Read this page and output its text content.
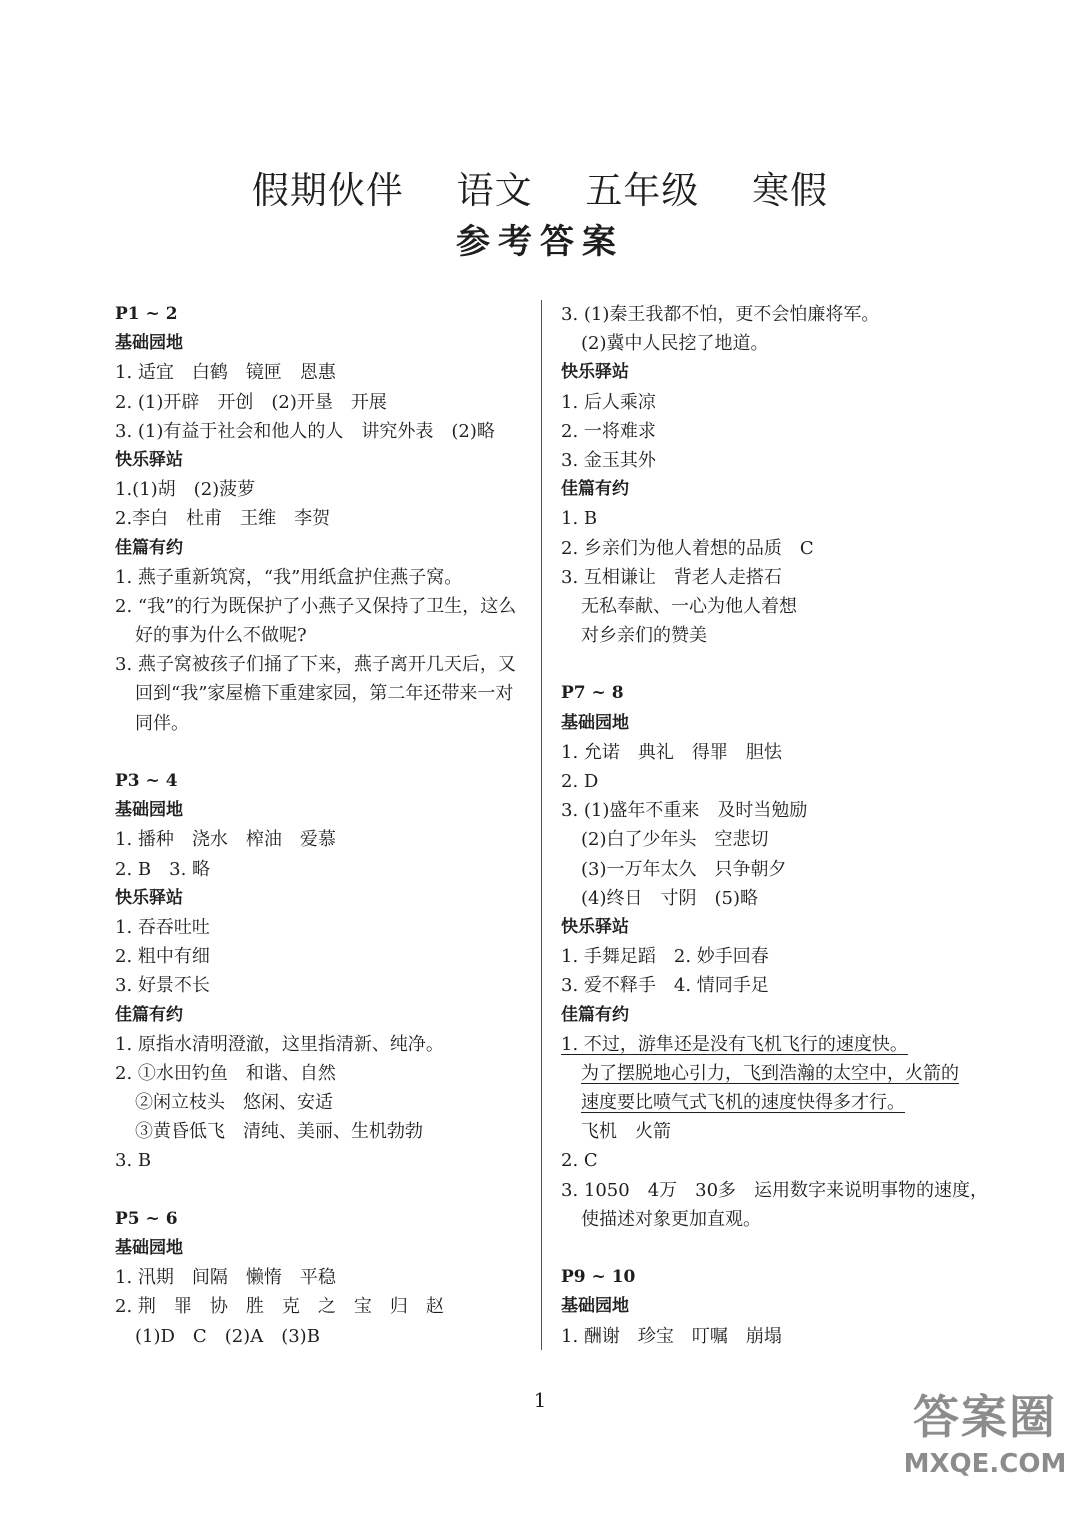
假期伙伴 语文 五年级 寒假
参考答案
P1 ~ 2
基础园地
1. 适宜　白鹤　镜匣　恩惠
2. (1)开辟　开创　(2)开垦　开展
3. (1)有益于社会和他人的人　讲究外表　(2)略
快乐驿站
1.(1)胡　(2)菠萝
2.李白　杜甫　王维　李贺
佳篇有约
1. 燕子重新筑窝，“我”用纸盒护住燕子窝。
2. “我”的行为既保护了小燕子又保持了卫生，这么
好的事为什么不做呢?
3. 燕子窝被孩子们捅了下来，燕子离开几天后，又
回到“我”家屋檐下重建家园，第二年还带来一对
同伴。
P3 ~ 4
基础园地
1. 播种　浇水　榨油　爱慕
2. B　3. 略
快乐驿站
1. 吞吞吐吐
2. 粗中有细
3. 好景不长
佳篇有约
1. 原指水清明澄澈，这里指清新、纯净。
2. ①水田钓鱼　和谐、自然
②闲立枝头　悠闲、安适
③黄昏低飞　清纯、美丽、生机勃勃
3. B
P5 ~ 6
基础园地
1. 汛期　间隔　懒惰　平稳
2. 荆　罪　协　胜　克　之　宝　归　赵
(1)D　C　(2)A　(3)B
3. (1)秦王我都不怕，更不会怕廉将军。
(2)冀中人民挖了地道。
快乐驿站
1. 后人乘凉
2. 一将难求
3. 金玉其外
佳篇有约
1. B
2. 乡亲们为他人着想的品质　C
3. 互相谦让　背老人走搭石
无私奉献、一心为他人着想
对乡亲们的赞美
P7 ~ 8
基础园地
1. 允诺　典礼　得罪　胆怯
2. D
3. (1)盛年不重来　及时当勉励
(2)白了少年头　空悲切
(3)一万年太久　只争朝夕
(4)终日　寸阴　(5)略
快乐驿站
1. 手舞足蹈　2. 妙手回春
3. 爱不释手　4. 情同手足
佳篇有约
1. 不过，游隼还是没有飞机飞行的速度快。
为了摆脱地心引力，飞到浩瀚的太空中，火箭的
速度要比喷气式飞机的速度快得多才行。
飞机　火箭
2. C
3. 1050　4万　30多　运用数字来说明事物的速度，
使描述对象更加直观。
P9 ~ 10
基础园地
1. 酬谢　珍宝　叮嘱　崩塌
1	答案圈
MXQE.COM
